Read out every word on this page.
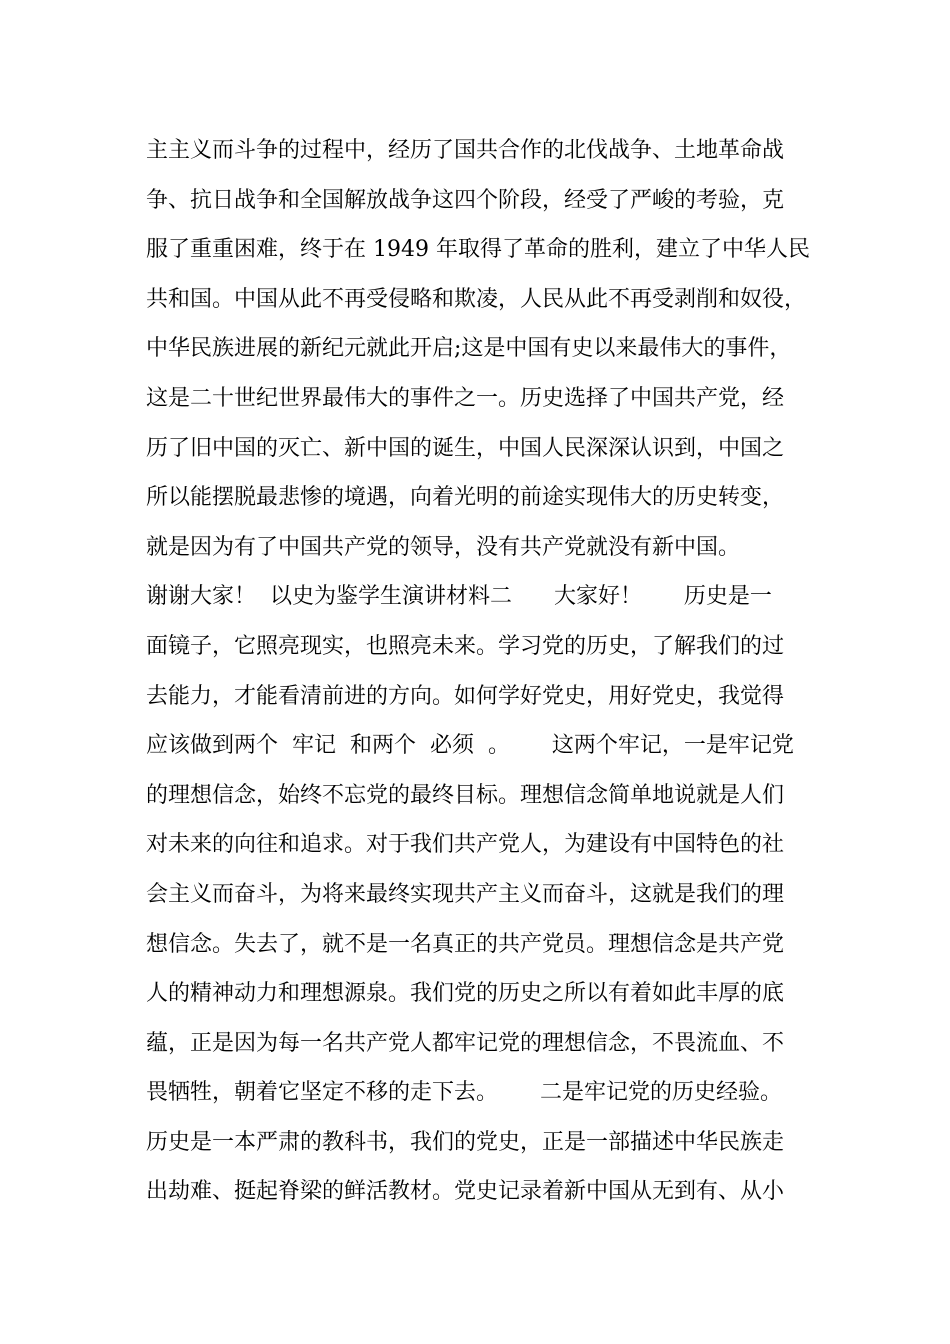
主主义而斗争的过程中，经历了国共合作的北伐战争、土地革命战
争、抗日战争和全国解放战争这四个阶段，经受了严峻的考验，克
服了重重困难，终于在 1949 年取得了革命的胜利，建立了中华人民
共和国。中国从此不再受侵略和欺凌，人民从此不再受剥削和奴役，
中华民族进展的新纪元就此开启;这是中国有史以来最伟大的事件，
这是二十世纪世界最伟大的事件之一。历史选择了中国共产党，经
历了旧中国的灭亡、新中国的诞生，中国人民深深认识到，中国之
所以能摆脱最悲惨的境遇，向着光明的前途实现伟大的历史转变，
就是因为有了中国共产党的领导，没有共产党就没有新中国。
谢谢大家！  以史为鉴学生演讲材料二      大家好！      历史是一
面镜子，它照亮现实，也照亮未来。学习党的历史，了解我们的过
去能力，才能看清前进的方向。如何学好党史，用好党史，我觉得
应该做到两个  牢记  和两个  必须  。      这两个牢记，一是牢记党
的理想信念，始终不忘党的最终目标。理想信念简单地说就是人们
对未来的向往和追求。对于我们共产党人，为建设有中国特色的社
会主义而奋斗，为将来最终实现共产主义而奋斗，这就是我们的理
想信念。失去了，就不是一名真正的共产党员。理想信念是共产党
人的精神动力和理想源泉。我们党的历史之所以有着如此丰厚的底
蕴，正是因为每一名共产党人都牢记党的理想信念，不畏流血、不
畏牺牲，朝着它坚定不移的走下去。      二是牢记党的历史经验。
历史是一本严肃的教科书，我们的党史，正是一部描述中华民族走
出劫难、挺起脊梁的鲜活教材。党史记录着新中国从无到有、从小
